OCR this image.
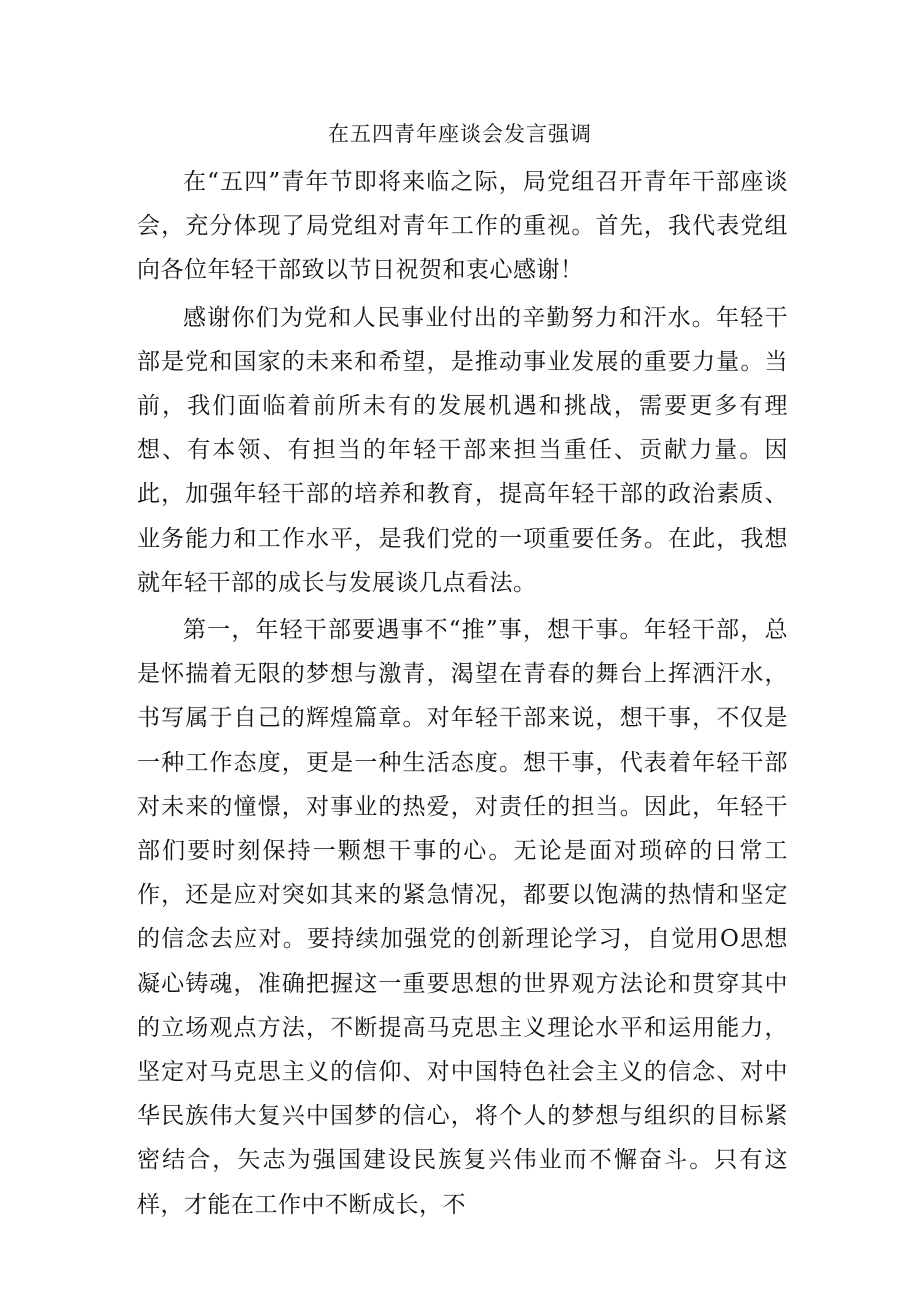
在五四青年座谈会发言强调

在“五四”青年节即将来临之际，局党组召开青年干部座谈会，充分体现了局党组对青年工作的重视。首先，我代表党组向各位年轻干部致以节日祝贺和衷心感谢！

感谢你们为党和人民事业付出的辛勤努力和汗水。年轻干部是党和国家的未来和希望，是推动事业发展的重要力量。当前，我们面临着前所未有的发展机遇和挑战，需要更多有理想、有本领、有担当的年轻干部来担当重任、贡献力量。因此，加强年轻干部的培养和教育，提高年轻干部的政治素质、业务能力和工作水平，是我们党的一项重要任务。在此，我想就年轻干部的成长与发展谈几点看法。

第一，年轻干部要遇事不“推”事，想干事。年轻干部，总是怀揣着无限的梦想与激青，渴望在青春的舞台上挥洒汗水，书写属于自己的辉煌篇章。对年轻干部来说，想干事，不仅是一种工作态度，更是一种生活态度。想干事，代表着年轻干部对未来的憧憬，对事业的热爱，对责任的担当。因此，年轻干部们要时刻保持一颗想干事的心。无论是面对琐碎的日常工作，还是应对突如其来的紧急情况，都要以饱满的热情和坚定的信念去应对。要持续加强党的创新理论学习，自觉用O思想凝心铸魂，准确把握这一重要思想的世界观方法论和贯穿其中的立场观点方法，不断提高马克思主义理论水平和运用能力，坚定对马克思主义的信仰、对中国特色社会主义的信念、对中华民族伟大复兴中国梦的信心，将个人的梦想与组织的目标紧密结合，矢志为强国建设民族复兴伟业而不懈奋斗。只有这样，才能在工作中不断成长，不
